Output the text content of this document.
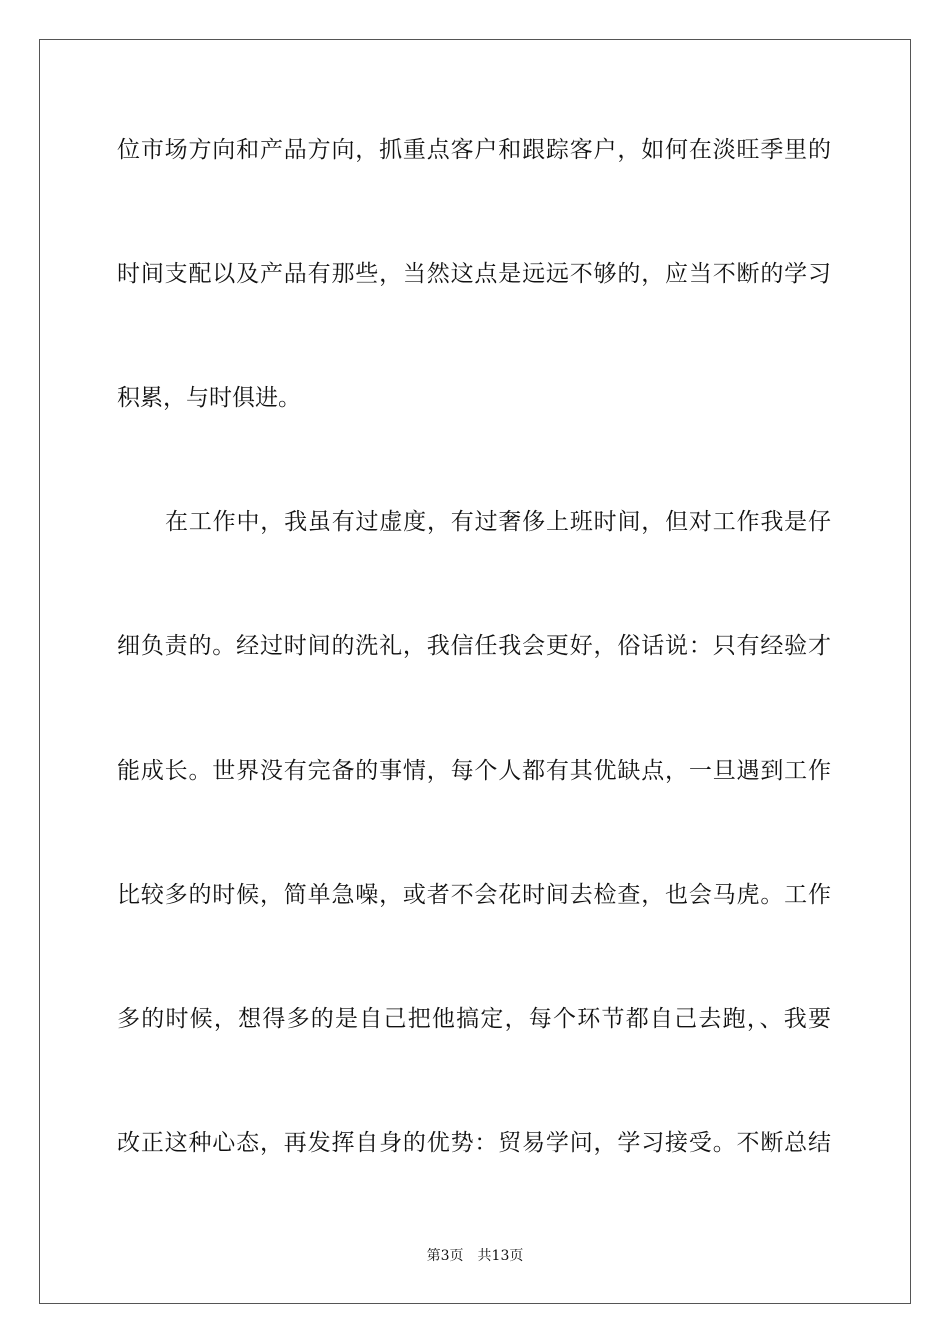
位市场方向和产品方向，抓重点客户和跟踪客户，如何在淡旺季里的
时间支配以及产品有那些，当然这点是远远不够的，应当不断的学习
积累，与时俱进。
在工作中，我虽有过虚度，有过奢侈上班时间，但对工作我是仔
细负责的。经过时间的洗礼，我信任我会更好，俗话说：只有经验才
能成长。世界没有完备的事情，每个人都有其优缺点，一旦遇到工作
比较多的时候，简单急噪，或者不会花时间去检查，也会马虎。工作
多的时候，想得多的是自己把他搞定，每个环节都自己去跑，、我要
改正这种心态，再发挥自身的优势：贸易学问，学习接受。不断总结
第3页 共13页
